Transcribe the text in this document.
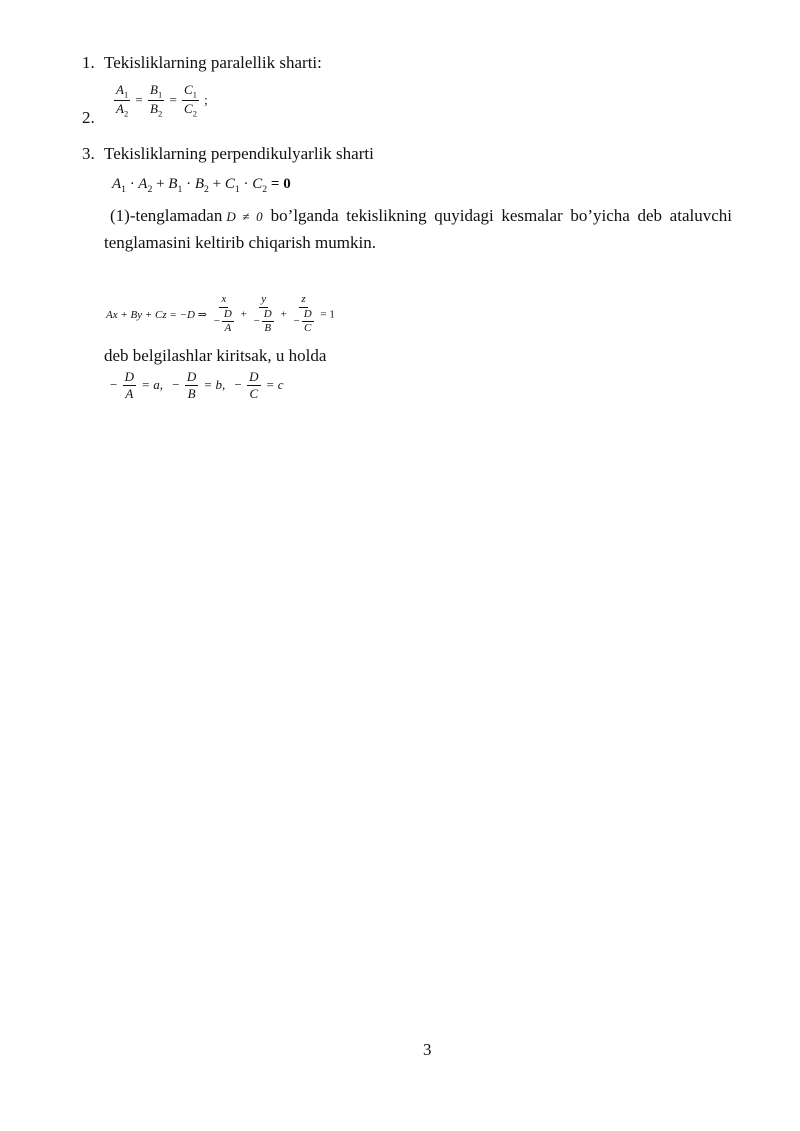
1. Tekisliklarning paralellik sharti:
2. $\frac{A_1}{A_2} = \frac{B_1}{B_2} = \frac{C_1}{C_2}$ ;
3. Tekisliklarning perpendikulyarlik sharti
$A_1 \cdot A_2 + B_1 \cdot B_2 + C_1 \cdot C_2 = 0$
(1)-tenglamadan D ≠ 0 bo’lganda tekislikning quyidagi kesmalar bo’yicha deb ataluvchi tenglamasini keltirib chiqarish mumkin.
Ax + By + Cz = −D ⇒ $\frac{x}{- \frac{D}{A}} + \frac{y}{- \frac{D}{B}} + \frac{z}{- \frac{D}{C}} = 1$
deb belgilashlar kiritsak, u holda
− $\frac{D}{A} = a$, − $\frac{D}{B} = b$, − $\frac{D}{C} = c$
3
